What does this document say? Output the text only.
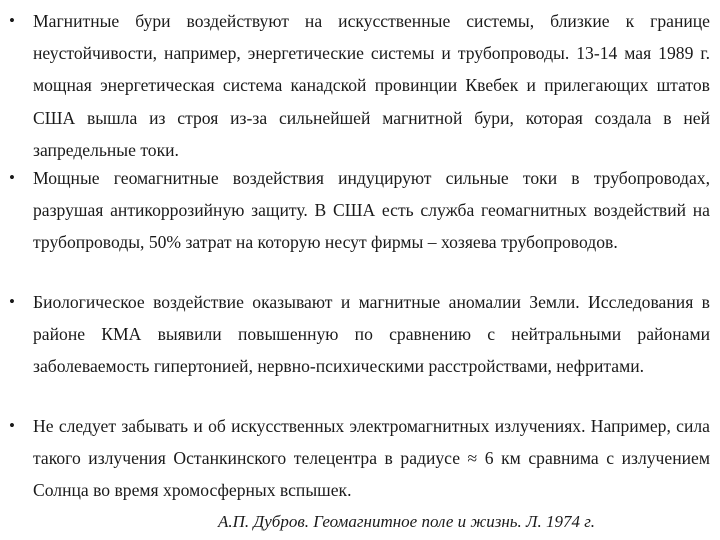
• Магнитные бури воздействуют на искусственные системы, близкие к границе неустойчивости, например, энергетические системы и трубопроводы. 13-14 мая 1989 г. мощная энергетическая система канадской провинции Квебек и прилегающих штатов США вышла из строя из-за сильнейшей магнитной бури, которая создала в ней запредельные токи.
• Мощные геомагнитные воздействия индуцируют сильные токи в трубопроводах, разрушая антикоррозийную защиту. В США есть служба геомагнитных воздействий на трубопроводы, 50% затрат на которую несут фирмы – хозяева трубопроводов.
• Биологическое воздействие оказывают и магнитные аномалии Земли. Исследования в районе КМА выявили повышенную по сравнению с нейтральными районами заболеваемость гипертонией, нервно-психическими расстройствами, нефритами.
• Не следует забывать и об искусственных электромагнитных излучениях. Например, сила такого излучения Останкинского телецентра в радиусе ≈ 6 км сравнима с излучением Солнца во время хромосферных вспышек.
А.П. Дубров. Геомагнитное поле и жизнь. Л. 1974 г.
